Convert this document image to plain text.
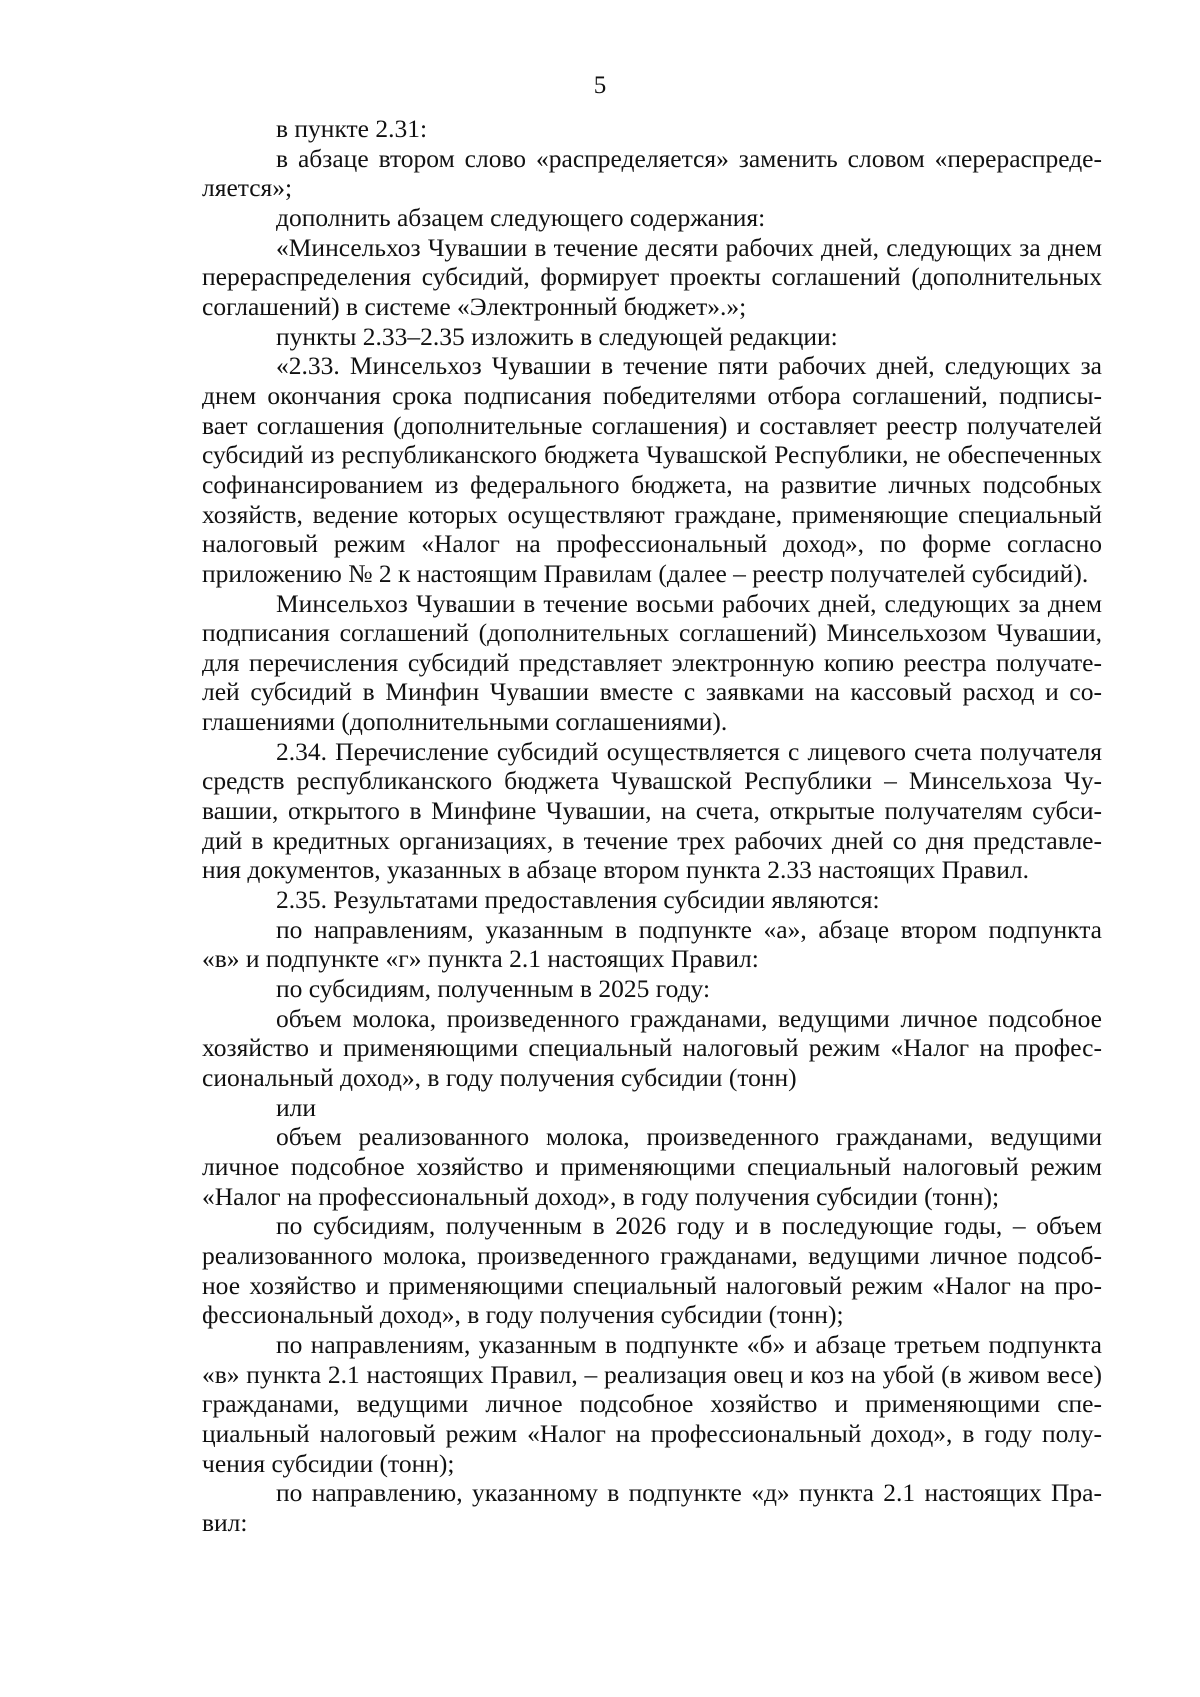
5

в пункте 2.31:

в абзаце втором слово «распределяется» заменить словом «перераспределяется»;

дополнить абзацем следующего содержания:

«Минсельхоз Чувашии в течение десяти рабочих дней, следующих за днем перераспределения субсидий, формирует проекты соглашений (дополнительных соглашений) в системе «Электронный бюджет».»;

пункты 2.33–2.35 изложить в следующей редакции:

«2.33. Минсельхоз Чувашии в течение пяти рабочих дней, следующих за днем окончания срока подписания победителями отбора соглашений, подписывает соглашения (дополнительные соглашения) и составляет реестр получателей субсидий из республиканского бюджета Чувашской Республики, не обеспеченных софинансированием из федерального бюджета, на развитие личных подсобных хозяйств, ведение которых осуществляют граждане, применяющие специальный налоговый режим «Налог на профессиональный доход», по форме согласно приложению № 2 к настоящим Правилам (далее – реестр получателей субсидий).

Минсельхоз Чувашии в течение восьми рабочих дней, следующих за днем подписания соглашений (дополнительных соглашений) Минсельхозом Чувашии, для перечисления субсидий представляет электронную копию реестра получателей субсидий в Минфин Чувашии вместе с заявками на кассовый расход и соглашениями (дополнительными соглашениями).

2.34. Перечисление субсидий осуществляется с лицевого счета получателя средств республиканского бюджета Чувашской Республики – Минсельхоза Чувашии, открытого в Минфине Чувашии, на счета, открытые получателям субсидий в кредитных организациях, в течение трех рабочих дней со дня представления документов, указанных в абзаце втором пункта 2.33 настоящих Правил.

2.35. Результатами предоставления субсидии являются:

по направлениям, указанным в подпункте «а», абзаце втором подпункта «в» и подпункте «г» пункта 2.1 настоящих Правил:

по субсидиям, полученным в 2025 году:

объем молока, произведенного гражданами, ведущими личное подсобное хозяйство и применяющими специальный налоговый режим «Налог на профессиональный доход», в году получения субсидии (тонн)

или

объем реализованного молока, произведенного гражданами, ведущими личное подсобное хозяйство и применяющими специальный налоговый режим «Налог на профессиональный доход», в году получения субсидии (тонн);

по субсидиям, полученным в 2026 году и в последующие годы, – объем реализованного молока, произведенного гражданами, ведущими личное подсобное хозяйство и применяющими специальный налоговый режим «Налог на профессиональный доход», в году получения субсидии (тонн);

по направлениям, указанным в подпункте «б» и абзаце третьем подпункта «в» пункта 2.1 настоящих Правил, – реализация овец и коз на убой (в живом весе) гражданами, ведущими личное подсобное хозяйство и применяющими специальный налоговый режим «Налог на профессиональный доход», в году получения субсидии (тонн);

по направлению, указанному в подпункте «д» пункта 2.1 настоящих Правил:
